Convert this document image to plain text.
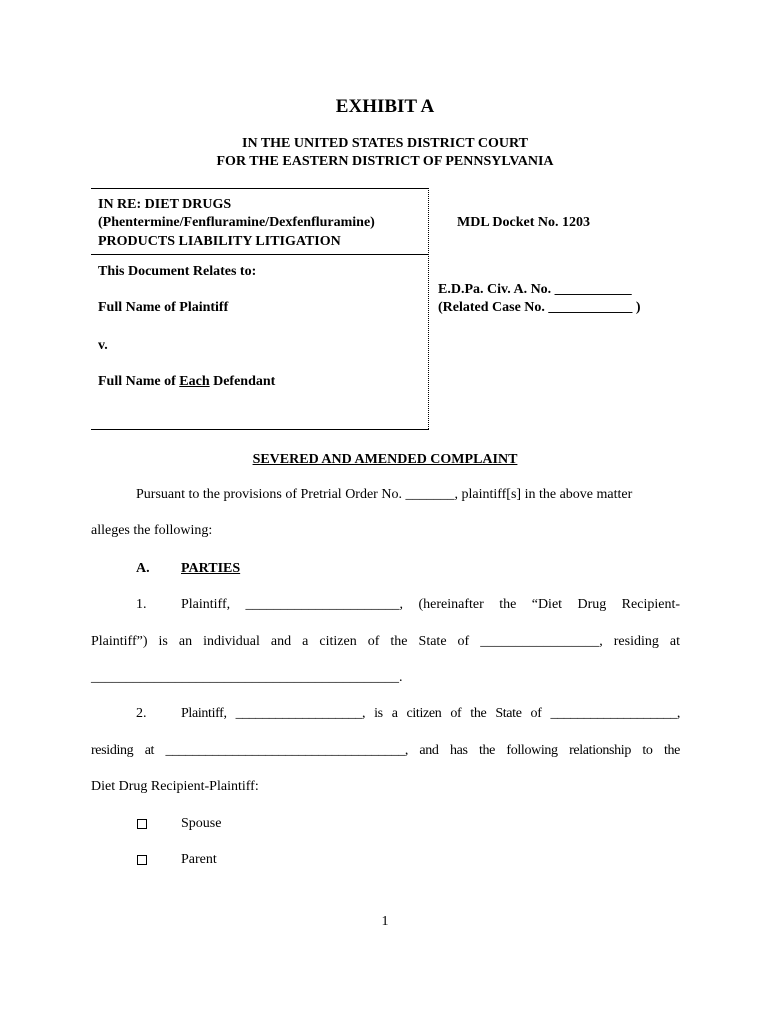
EXHIBIT A
IN THE UNITED STATES DISTRICT COURT
FOR THE EASTERN DISTRICT OF PENNSYLVANIA
IN RE: DIET DRUGS
(Phentermine/Fenfluramine/Dexfenfluramine)
PRODUCTS LIABILITY LITIGATION
This Document Relates to:
Full Name of Plaintiff
v.
Full Name of Each Defendant
MDL Docket No. 1203
E.D.Pa. Civ. A. No. ___________
(Related Case No. ____________ )
SEVERED AND AMENDED COMPLAINT
Pursuant to the provisions of Pretrial Order No. _______, plaintiff[s] in the above matter
alleges the following:
A. PARTIES
1. Plaintiff, ______________________, (hereinafter the “Diet Drug Recipient-
Plaintiff”) is an individual and a citizen of the State of _________________, residing at
____________________________________________.
2. Plaintiff, ___________________, is a citizen of the State of ___________________,
residing at ____________________________________, and has the following relationship to the
Diet Drug Recipient-Plaintiff:
Spouse
Parent
1
